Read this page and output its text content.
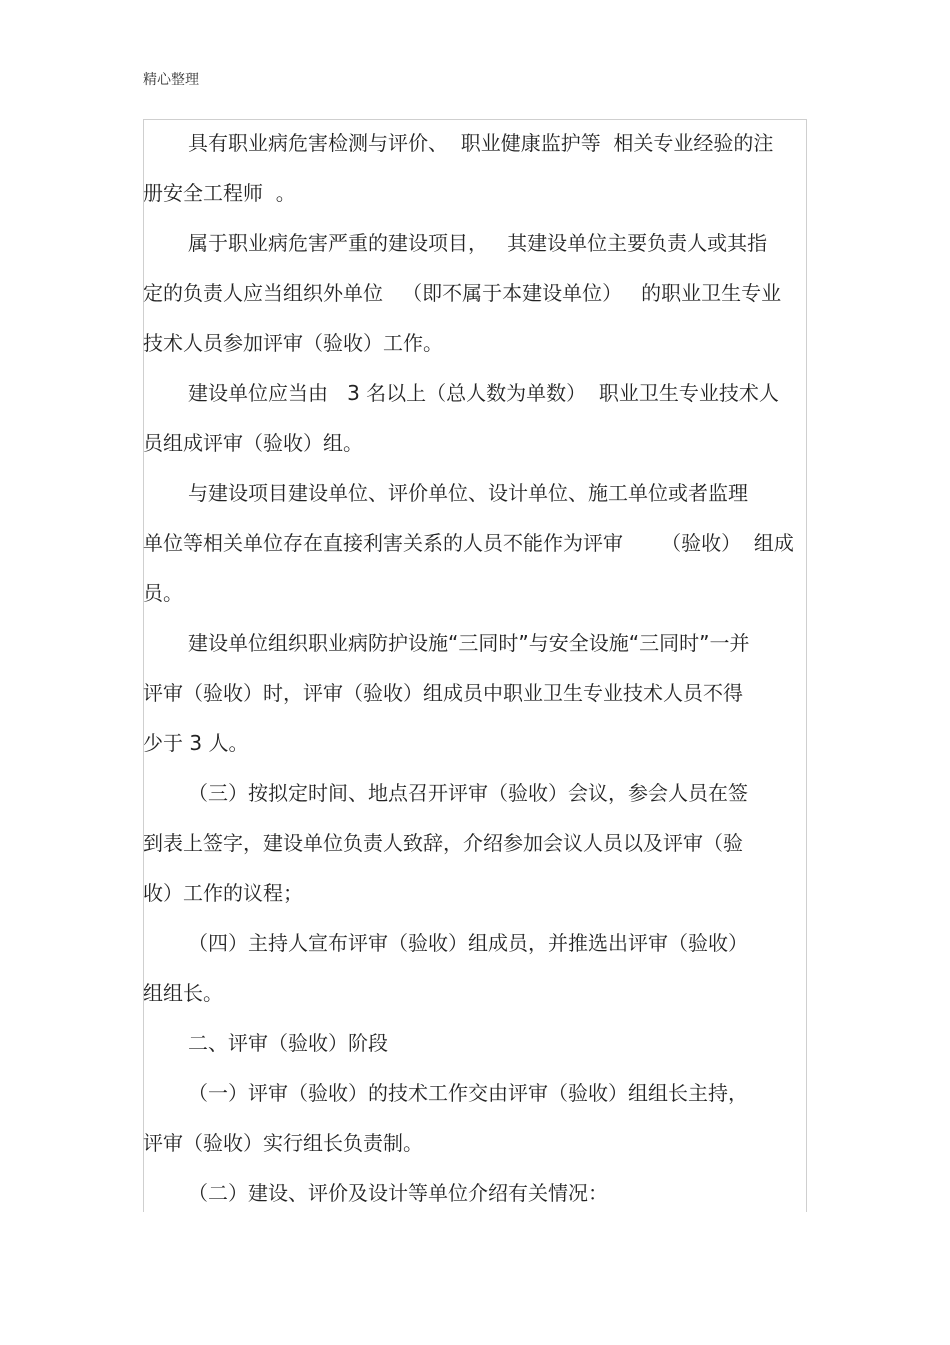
精心整理
具有职业病危害检测与评价、  职业健康监护等  相关专业经验的注
册安全工程师  。
属于职业病危害严重的建设项目，   其建设单位主要负责人或其指
定的负责人应当组织外单位   （即不属于本建设单位）   的职业卫生专业
技术人员参加评审（验收）工作。
建设单位应当由   3 名以上（总人数为单数）  职业卫生专业技术人
员组成评审（验收）组。
与建设项目建设单位、评价单位、设计单位、施工单位或者监理
单位等相关单位存在直接利害关系的人员不能作为评审      （验收）  组成
员。
建设单位组织职业病防护设施“三同时”与安全设施“三同时”一并
评审（验收）时，评审（验收）组成员中职业卫生专业技术人员不得
少于 3 人。
（三）按拟定时间、地点召开评审（验收）会议，参会人员在签
到表上签字，建设单位负责人致辞，介绍参加会议人员以及评审（验
收）工作的议程；
（四）主持人宣布评审（验收）组成员，并推选出评审（验收）
组组长。
二、评审（验收）阶段
（一）评审（验收）的技术工作交由评审（验收）组组长主持，
评审（验收）实行组长负责制。
（二）建设、评价及设计等单位介绍有关情况：
